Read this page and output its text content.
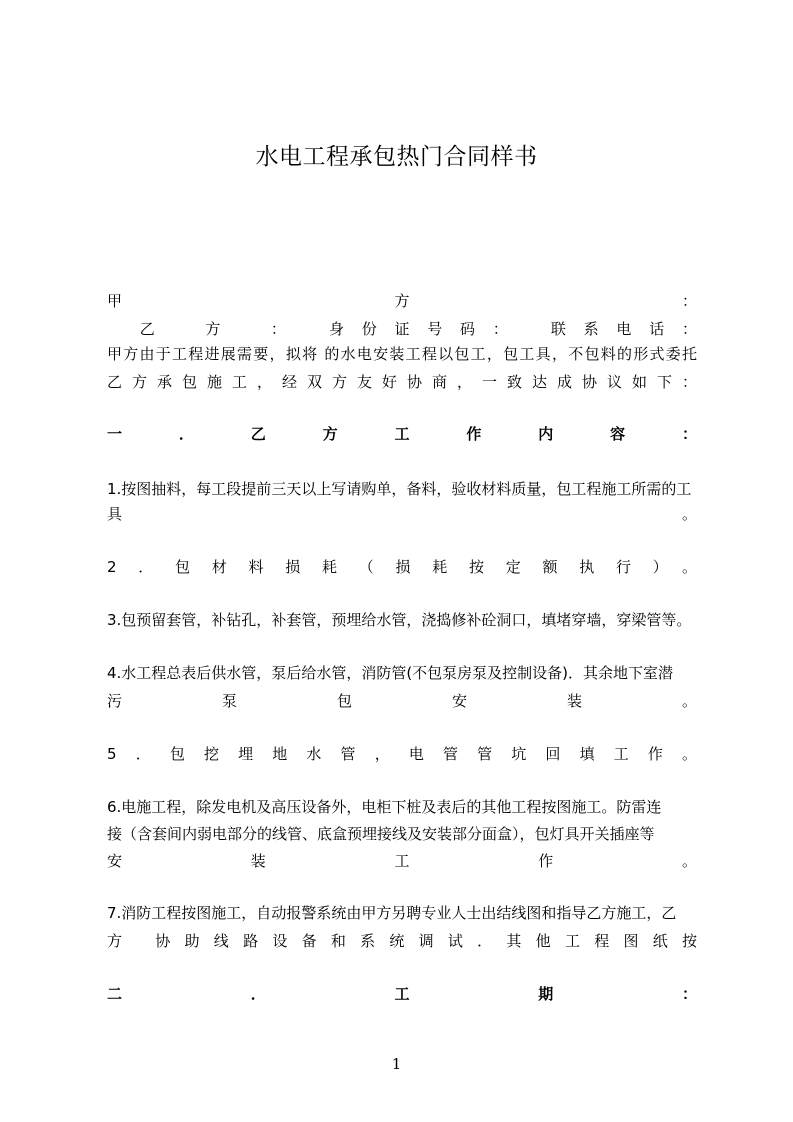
水电工程承包热门合同样书
甲　方　：
　乙　方　：　身份证号码：　联系电话：
甲方由于工程进展需要，拟将 的水电安装工程以包工，包工具，不包料的形式委托
乙方承包施工，经双方友好协商，一致达成协议如下：
一．乙方工作内容：
1.按图抽料，每工段提前三天以上写请购单，备料，验收材料质量，包工程施工所需的工
具。
2．包材料损耗（损耗按定额执行）。
3.包预留套管，补钻孔，补套管，预埋给水管，浇捣修补砼洞口，填堵穿墙，穿梁管等。
4.水工程总表后供水管，泵后给水管，消防管(不包泵房泵及控制设备)．其余地下室潜
污泵包安装。
5．包挖埋地水管，电管管坑回填工作。
6.电施工程，除发电机及高压设备外，电柜下桩及表后的其他工程按图施工。防雷连
接（含套间内弱电部分的线管、底盒预埋接线及安装部分面盒），包灯具开关插座等
安装工作。
7.消防工程按图施工，自动报警系统由甲方另聘专业人士出结线图和指导乙方施工，乙
方 协助线路设备和系统调试．其他工程图纸按
二．工期：
1
